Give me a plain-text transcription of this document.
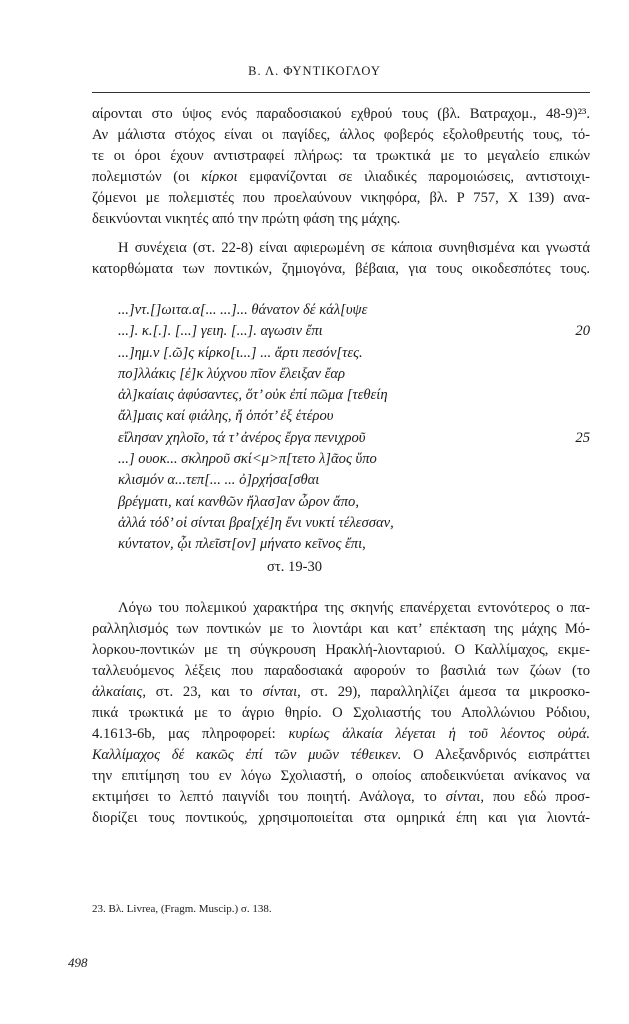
Β. Λ. ΦΥΝΤΙΚΟΓΛΟΥ

αίρονται στο ύψος ενός παραδοσιακού εχθρού τους (βλ. Βατραχομ., 48-9)²³.

Αν μάλιστα στόχος είναι οι παγίδες, άλλος φοβερός εξολοθρευτής τους, τό-

τε οι όροι έχουν αντιστραφεί πλήρως: τα τρωκτικά με το μεγαλείο επικών

πολεμιστών (οι κίρκοι εμφανίζονται σε ιλιαδικές παρομοιώσεις, αντιστοιχι-

ζόμενοι με πολεμιστές που προελαύνουν νικηφόρα, βλ. P 757, X 139) ανα-

δεικνύονται νικητές από την πρώτη φάση της μάχης.

Η συνέχεια (στ. 22-8) είναι αφιερωμένη σε κάποια συνηθισμένα και γνωστά

κατορθώματα των ποντικών, ζημιογόνα, βέβαια, για τους οικοδεσπότες τους.

...]ντ.[]ωιτα.α[... ...]... θάνατον δέ κάλ[υψε
...]. κ.[.]. [...] γειη. [...]. αγωσιν ἔπι	20
...]ημ.ν [.ῶ]ς κίρκο[ι...] ... ἄρτι πεσόν[τες.
πο]λλάκις [ἐ]κ λύχνου πῖον ἔλειξαν ἔαρ
ἀλ]καίαις ἀφύσαντες, ὅτ’ οὐκ ἐπί πῶμα [τεθείη
ἄλ]μαις καί φιάλης, ἤ ὁπότ’ ἐξ ἑτέρου
εἴλησαν χηλοῖο, τά τ’ ἀνέρος ἔργα πενιχροῦ	25
...] ουοκ... σκληροῦ σκί<μ>π[τετο λ]ᾶος ὕπο
κλισμόν α...τεπ[... ... ὀ]ρχήσα[σθαι
βρέγματι, καί κανθῶν ἤλασ]αν ὦρον ἄπο,
ἀλλά τόδ’ οἱ σίνται βρα[χέ]η ἔνι νυκτί τέλεσσαν,
κύντατον, ᾧι πλεῖστ[ον] μήνατο κεῖνος ἔπι,
στ. 19-30

Λόγω του πολεμικού χαρακτήρα της σκηνής επανέρχεται εντονότερος ο πα-

ραλληλισμός των ποντικών με το λιοντάρι και κατ’ επέκταση της μάχης Μό-

λορκου-ποντικών με τη σύγκρουση Ηρακλή-λιονταριού. Ο Καλλίμαχος, εκμε-

ταλλευόμενος λέξεις που παραδοσιακά αφορούν το βασιλιά των ζώων (το

ἀλκαίαις, στ. 23, και το σίνται, στ. 29), παραλληλίζει άμεσα τα μικροσκο-

πικά τρωκτικά με το άγριο θηρίο. Ο Σχολιαστής του Απολλώνιου Ρόδιου,

4.1613-6b, μας πληροφορεί: κυρίως ἀλκαία λέγεται ἡ τοῦ λέοντος οὐρά.

Καλλίμαχος δέ κακῶς ἐπί τῶν μυῶν τέθεικεν. Ο Αλεξανδρινός εισπράττει

την επιτίμηση του εν λόγω Σχολιαστή, ο οποίος αποδεικνύεται ανίκανος να

εκτιμήσει το λεπτό παιγνίδι του ποιητή. Ανάλογα, το σίνται, που εδώ προσ-

διορίζει τους ποντικούς, χρησιμοποιείται στα ομηρικά έπη και για λιοντά-

23. Βλ. Livrea, (Fragm. Muscip.) σ. 138.
498
